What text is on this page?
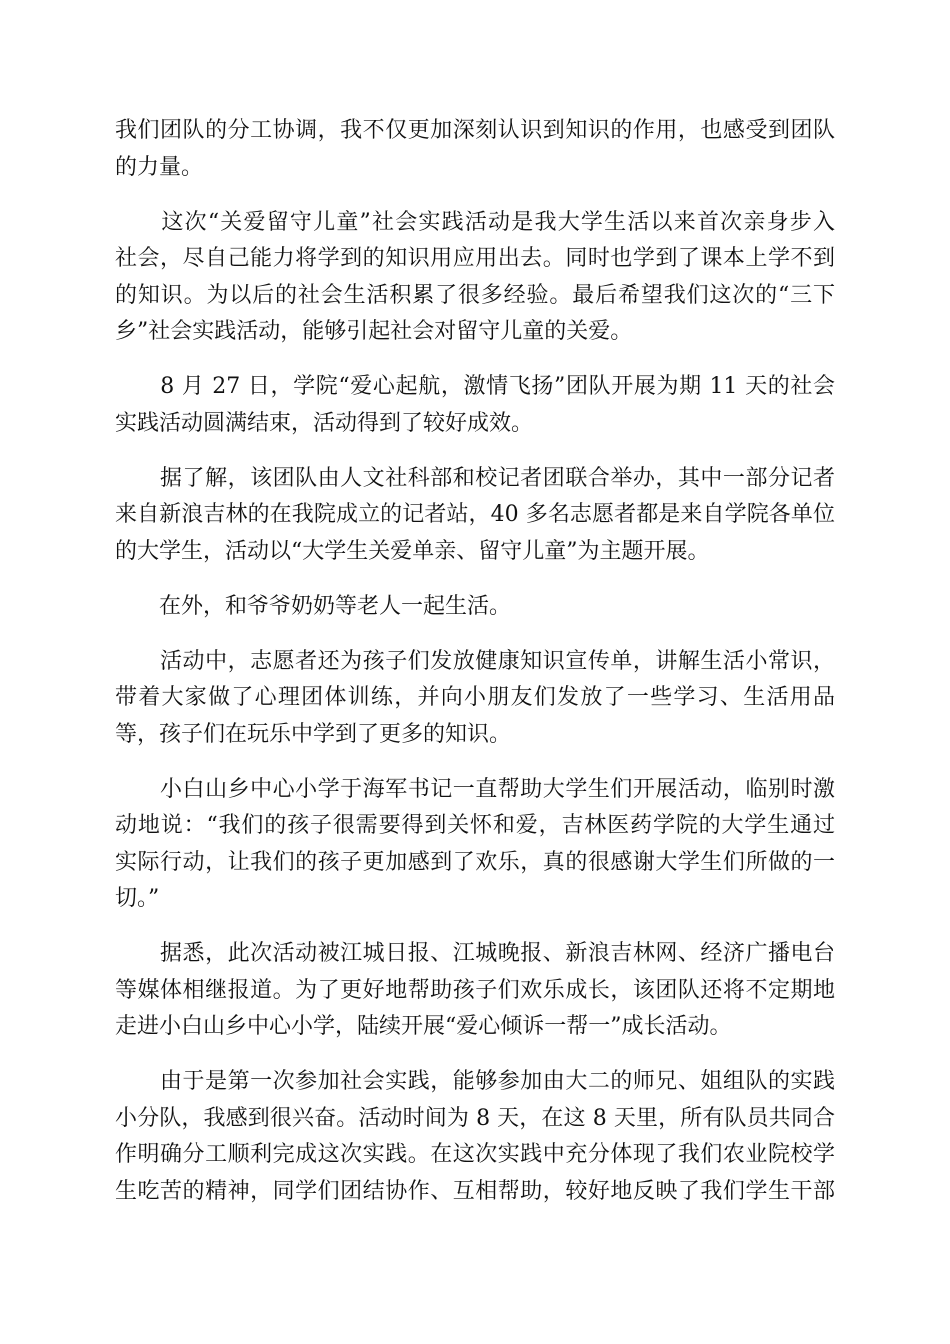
我们团队的分工协调，我不仅更加深刻认识到知识的作用，也感受到团队
的力量。
　　这次“关爱留守儿童”社会实践活动是我大学生活以来首次亲身步入
社会，尽自己能力将学到的知识用应用出去。同时也学到了课本上学不到
的知识。为以后的社会生活积累了很多经验。最后希望我们这次的“三下
乡”社会实践活动，能够引起社会对留守儿童的关爱。
　　8 月 27 日，学院“爱心起航，激情飞扬”团队开展为期 11 天的社会
实践活动圆满结束，活动得到了较好成效。
　　据了解，该团队由人文社科部和校记者团联合举办，其中一部分记者
来自新浪吉林的在我院成立的记者站，40 多名志愿者都是来自学院各单位
的大学生，活动以“大学生关爱单亲、留守儿童”为主题开展。
　　在外，和爷爷奶奶等老人一起生活。
　　活动中，志愿者还为孩子们发放健康知识宣传单，讲解生活小常识，
带着大家做了心理团体训练，并向小朋友们发放了一些学习、生活用品
等，孩子们在玩乐中学到了更多的知识。
　　小白山乡中心小学于海军书记一直帮助大学生们开展活动，临别时激
动地说：“我们的孩子很需要得到关怀和爱，吉林医药学院的大学生通过
实际行动，让我们的孩子更加感到了欢乐，真的很感谢大学生们所做的一
切。”
　　据悉，此次活动被江城日报、江城晚报、新浪吉林网、经济广播电台
等媒体相继报道。为了更好地帮助孩子们欢乐成长，该团队还将不定期地
走进小白山乡中心小学，陆续开展“爱心倾诉一帮一”成长活动。
　　由于是第一次参加社会实践，能够参加由大二的师兄、姐组队的实践
小分队，我感到很兴奋。活动时间为 8 天，在这 8 天里，所有队员共同合
作明确分工顺利完成这次实践。在这次实践中充分体现了我们农业院校学
生吃苦的精神，同学们团结协作、互相帮助，较好地反映了我们学生干部
